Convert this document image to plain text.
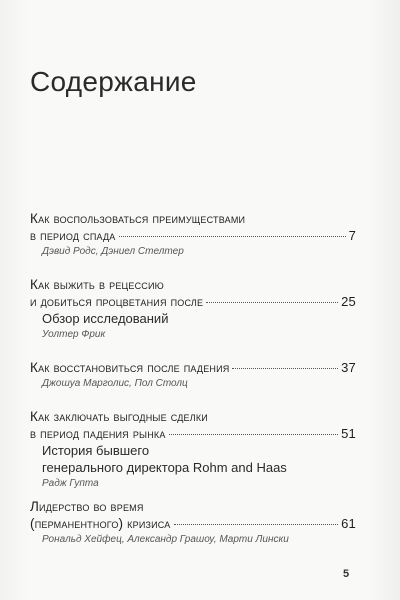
Содержание
Как воспользоваться преимуществами
в период спада	7
Дэвид Родс, Дэниел Стелтер
Как выжить в рецессию
и добиться процветания после	25
Обзор исследований
Уолтер Фрик
Как восстановиться после падения	37
Джошуа Марголис, Пол Столц
Как заключать выгодные сделки
в период падения рынка	51
История бывшего
генерального директора Rohm and Haas
Радж Гупта
Лидерство во время
(перманентного) кризиса	61
Рональд Хейфец, Александр Грашоу, Марти Лински
5
